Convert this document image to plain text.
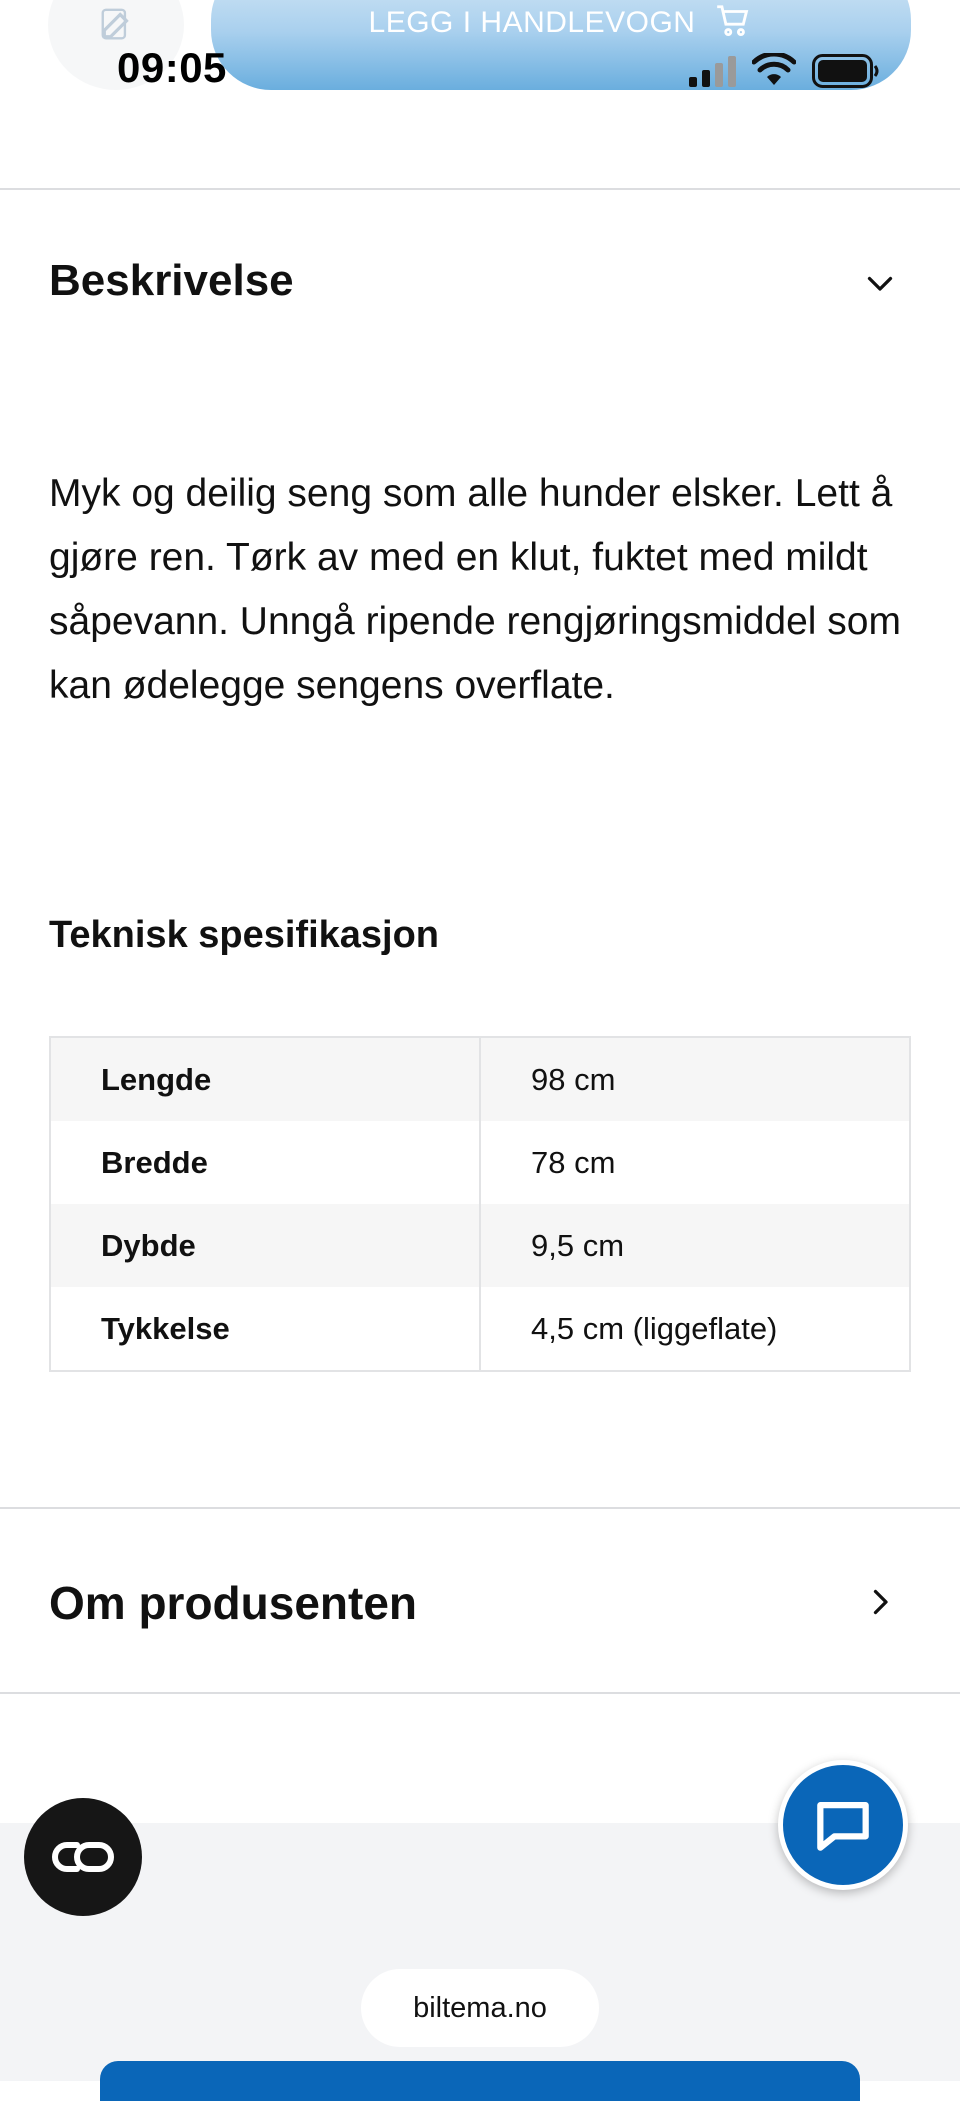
LEGG I HANDLEVOGN
09:05
Beskrivelse

Myk og deilig seng som alle hunder elsker. Lett å gjøre ren. Tørk av med en klut, fuktet med mildt såpevann. Unngå ripende rengjøringsmiddel som kan ødelegge sengens overflate.

Teknisk spesifikasjon
Lengde	98 cm
Bredde	78 cm
Dybde	9,5 cm
Tykkelse	4,5 cm (liggeflate)
Om produsenten
biltema.no
